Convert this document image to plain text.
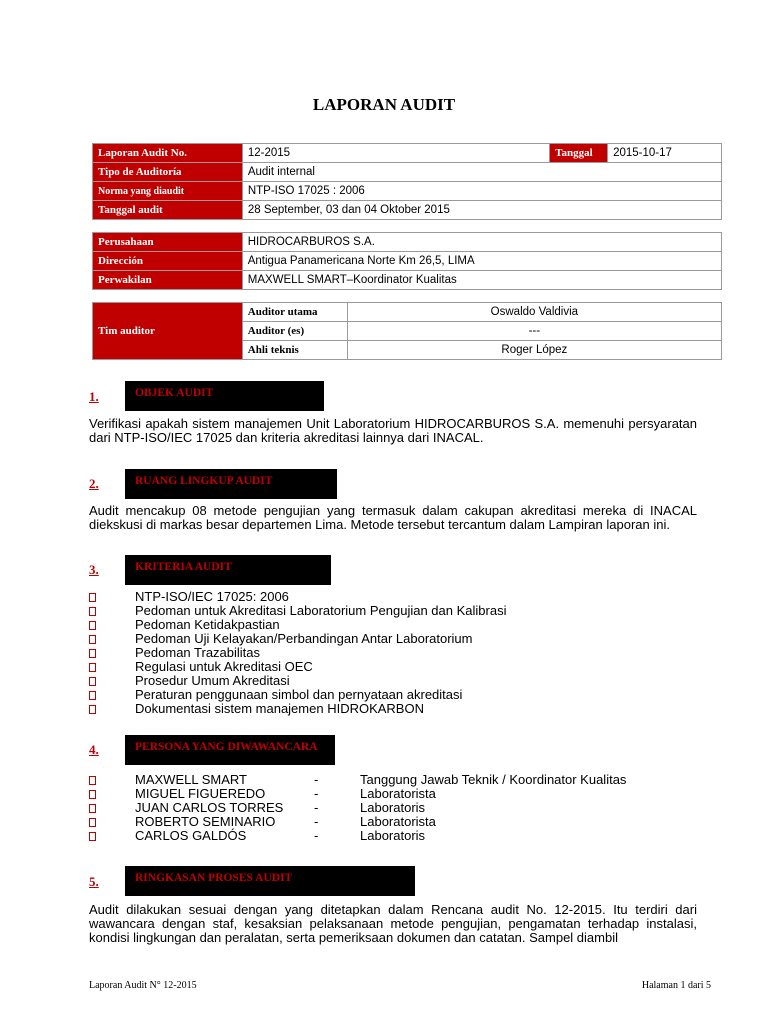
LAPORAN AUDIT
Laporan Audit No.	12-2015	Tanggal	2015-10-17
Tipo de Auditoría	Audit internal		
Norma yang diaudit	NTP-ISO 17025 : 2006		
Tanggal audit	28 September, 03 dan 04 Oktober 2015		
Perusahaan	HIDROCARBUROS S.A.
Dirección	Antigua Panamericana Norte Km 26,5, LIMA
Perwakilan	MAXWELL SMART–Koordinator Kualitas
Tim auditor	Auditor utama	Oswaldo Valdivia
	Auditor (es)	---
	Ahli teknis	Roger López
1.	OBJEK AUDIT
Verifikasi apakah sistem manajemen Unit Laboratorium HIDROCARBUROS S.A. memenuhi persyaratan dari NTP-ISO/IEC 17025 dan kriteria akreditasi lainnya dari INACAL.
2.	RUANG LINGKUP AUDIT
Audit mencakup 08 metode pengujian yang termasuk dalam cakupan akreditasi mereka di INACAL diekskusi di markas besar departemen Lima. Metode tersebut tercantum dalam Lampiran laporan ini.
3.	KRITERIA AUDIT
NTP-ISO/IEC 17025: 2006
Pedoman untuk Akreditasi Laboratorium Pengujian dan Kalibrasi
Pedoman Ketidakpastian
Pedoman Uji Kelayakan/Perbandingan Antar Laboratorium
Pedoman Trazabilitas
Regulasi untuk Akreditasi OEC
Prosedur Umum Akreditasi
Peraturan penggunaan simbol dan pernyataan akreditasi
Dokumentasi sistem manajemen HIDROKARBON
4.	PERSONA YANG DIWAWANCARA
MAXWELL SMART	-	Tanggung Jawab Teknik / Koordinator Kualitas
MIGUEL FIGUEREDO	-	Laboratorista
JUAN CARLOS TORRES -	Laboratoris
ROBERTO SEMINARIO	-	Laboratorista
CARLOS GALDÓS	-	Laboratoris
5.	RINGKASAN PROSES AUDIT
Audit dilakukan sesuai dengan yang ditetapkan dalam Rencana audit No. 12-2015. Itu terdiri dari wawancara dengan staf, kesaksian pelaksanaan metode pengujian, pengamatan terhadap instalasi, kondisi lingkungan dan peralatan, serta pemeriksaan dokumen dan catatan. Sampel diambil
Laporan Audit N° 12-2015	Halaman 1 dari 5
